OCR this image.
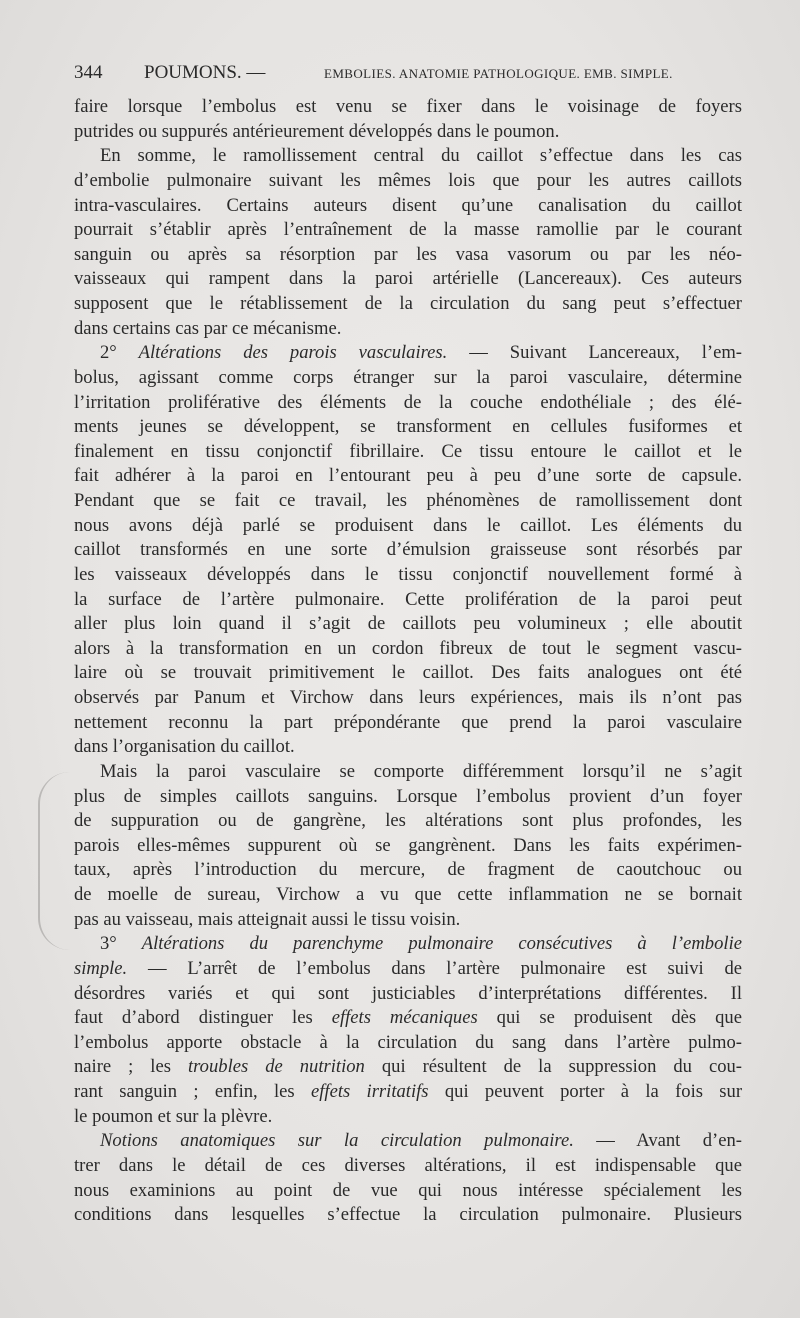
344 POUMONS. —	EMBOLIES. ANATOMIE PATHOLOGIQUE. EMB. SIMPLE.
faire lorsque l’embolus est venu se fixer dans le voisinage de foyers
putrides ou suppurés antérieurement développés dans le poumon.
En somme, le ramollissement central du caillot s’effectue dans les cas
d’embolie pulmonaire suivant les mêmes lois que pour les autres caillots
intra-vasculaires. Certains auteurs disent qu’une canalisation du caillot
pourrait s’établir après l’entraînement de la masse ramollie par le courant
sanguin ou après sa résorption par les vasa vasorum ou par les néo-
vaisseaux qui rampent dans la paroi artérielle (Lancereaux). Ces auteurs
supposent que le rétablissement de la circulation du sang peut s’effectuer
dans certains cas par ce mécanisme.
2° Altérations des parois vasculaires. — Suivant Lancereaux, l’em-
bolus, agissant comme corps étranger sur la paroi vasculaire, détermine
l’irritation proliférative des éléments de la couche endothéliale ; des élé-
ments jeunes se développent, se transforment en cellules fusiformes et
finalement en tissu conjonctif fibrillaire. Ce tissu entoure le caillot et le
fait adhérer à la paroi en l’entourant peu à peu d’une sorte de capsule.
Pendant que se fait ce travail, les phénomènes de ramollissement dont
nous avons déjà parlé se produisent dans le caillot. Les éléments du
caillot transformés en une sorte d’émulsion graisseuse sont résorbés par
les vaisseaux développés dans le tissu conjonctif nouvellement formé à
la surface de l’artère pulmonaire. Cette prolifération de la paroi peut
aller plus loin quand il s’agit de caillots peu volumineux ; elle aboutit
alors à la transformation en un cordon fibreux de tout le segment vascu-
laire où se trouvait primitivement le caillot. Des faits analogues ont été
observés par Panum et Virchow dans leurs expériences, mais ils n’ont pas
nettement reconnu la part prépondérante que prend la paroi vasculaire
dans l’organisation du caillot.
Mais la paroi vasculaire se comporte différemment lorsqu’il ne s’agit
plus de simples caillots sanguins. Lorsque l’embolus provient d’un foyer
de suppuration ou de gangrène, les altérations sont plus profondes, les
parois elles-mêmes suppurent où se gangrènent. Dans les faits expérimen-
taux, après l’introduction du mercure, de fragment de caoutchouc ou
de moelle de sureau, Virchow a vu que cette inflammation ne se bornait
pas au vaisseau, mais atteignait aussi le tissu voisin.
3° Altérations du parenchyme pulmonaire consécutives à l’embolie
simple. — L’arrêt de l’embolus dans l’artère pulmonaire est suivi de
désordres variés et qui sont justiciables d’interprétations différentes. Il
faut d’abord distinguer les effets mécaniques qui se produisent dès que
l’embolus apporte obstacle à la circulation du sang dans l’artère pulmo-
naire ; les troubles de nutrition qui résultent de la suppression du cou-
rant sanguin ; enfin, les effets irritatifs qui peuvent porter à la fois sur
le poumon et sur la plèvre.
Notions anatomiques sur la circulation pulmonaire. — Avant d’en-
trer dans le détail de ces diverses altérations, il est indispensable que
nous examinions au point de vue qui nous intéresse spécialement les
conditions dans lesquelles s’effectue la circulation pulmonaire. Plusieurs
